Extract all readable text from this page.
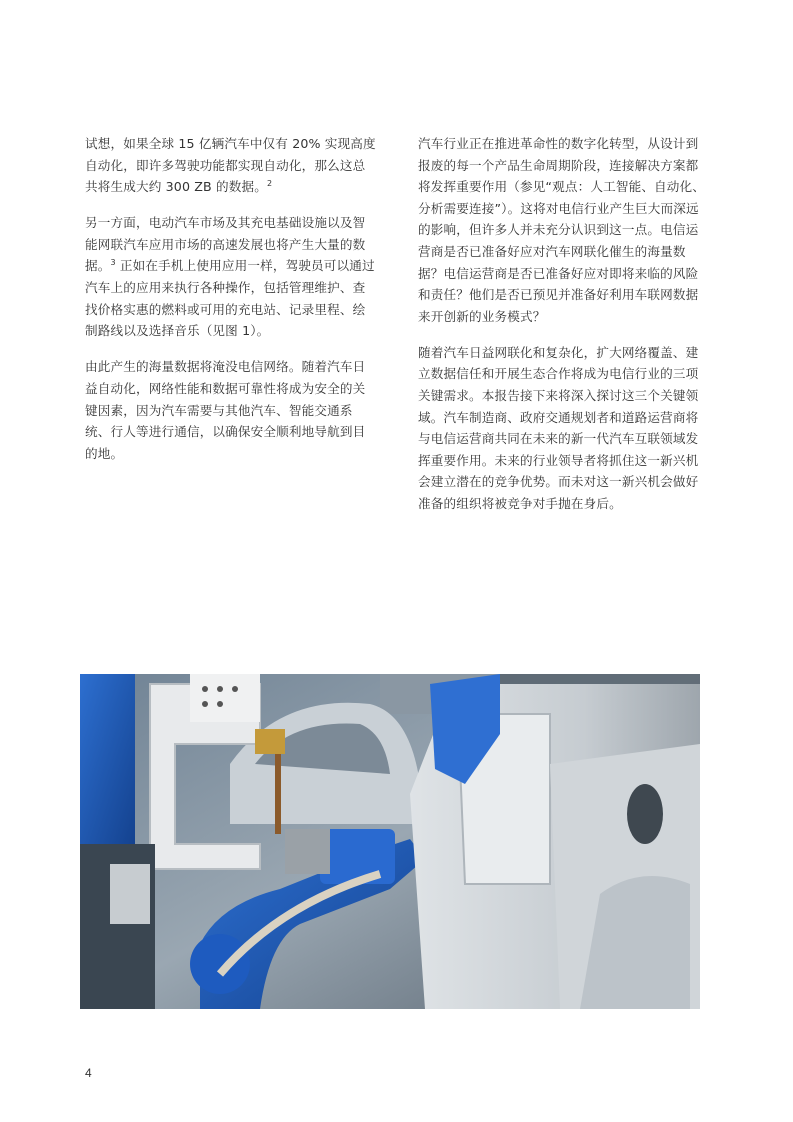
试想，如果全球 15 亿辆汽车中仅有 20% 实现高度自动化，即许多驾驶功能都实现自动化，那么这总共将生成大约 300 ZB 的数据。$^2$

另一方面，电动汽车市场及其充电基础设施以及智能网联汽车应用市场的高速发展也将产生大量的数据。$^3$ 正如在手机上使用应用一样，驾驶员可以通过汽车上的应用来执行各种操作，包括管理维护、查找价格实惠的燃料或可用的充电站、记录里程、绘制路线以及选择音乐（见图 1）。

由此产生的海量数据将淹没电信网络。随着汽车日益自动化，网络性能和数据可靠性将成为安全的关键因素，因为汽车需要与其他汽车、智能交通系统、行人等进行通信，以确保安全顺利地导航到目的地。

汽车行业正在推进革命性的数字化转型，从设计到报废的每一个产品生命周期阶段，连接解决方案都将发挥重要作用（参见“观点：人工智能、自动化、分析需要连接”）。这将对电信行业产生巨大而深远的影响，但许多人并未充分认识到这一点。电信运营商是否已准备好应对汽车网联化催生的海量数据？电信运营商是否已准备好应对即将来临的风险和责任？他们是否已预见并准备好利用车联网数据来开创新的业务模式？

随着汽车日益网联化和复杂化，扩大网络覆盖、建立数据信任和开展生态合作将成为电信行业的三项关键需求。本报告接下来将深入探讨这三个关键领域。汽车制造商、政府交通规划者和道路运营商将与电信运营商共同在未来的新一代汽车互联领域发挥重要作用。未来的行业领导者将抓住这一新兴机会建立潜在的竞争优势。而未对这一新兴机会做好准备的组织将被竞争对手抛在身后。

4
